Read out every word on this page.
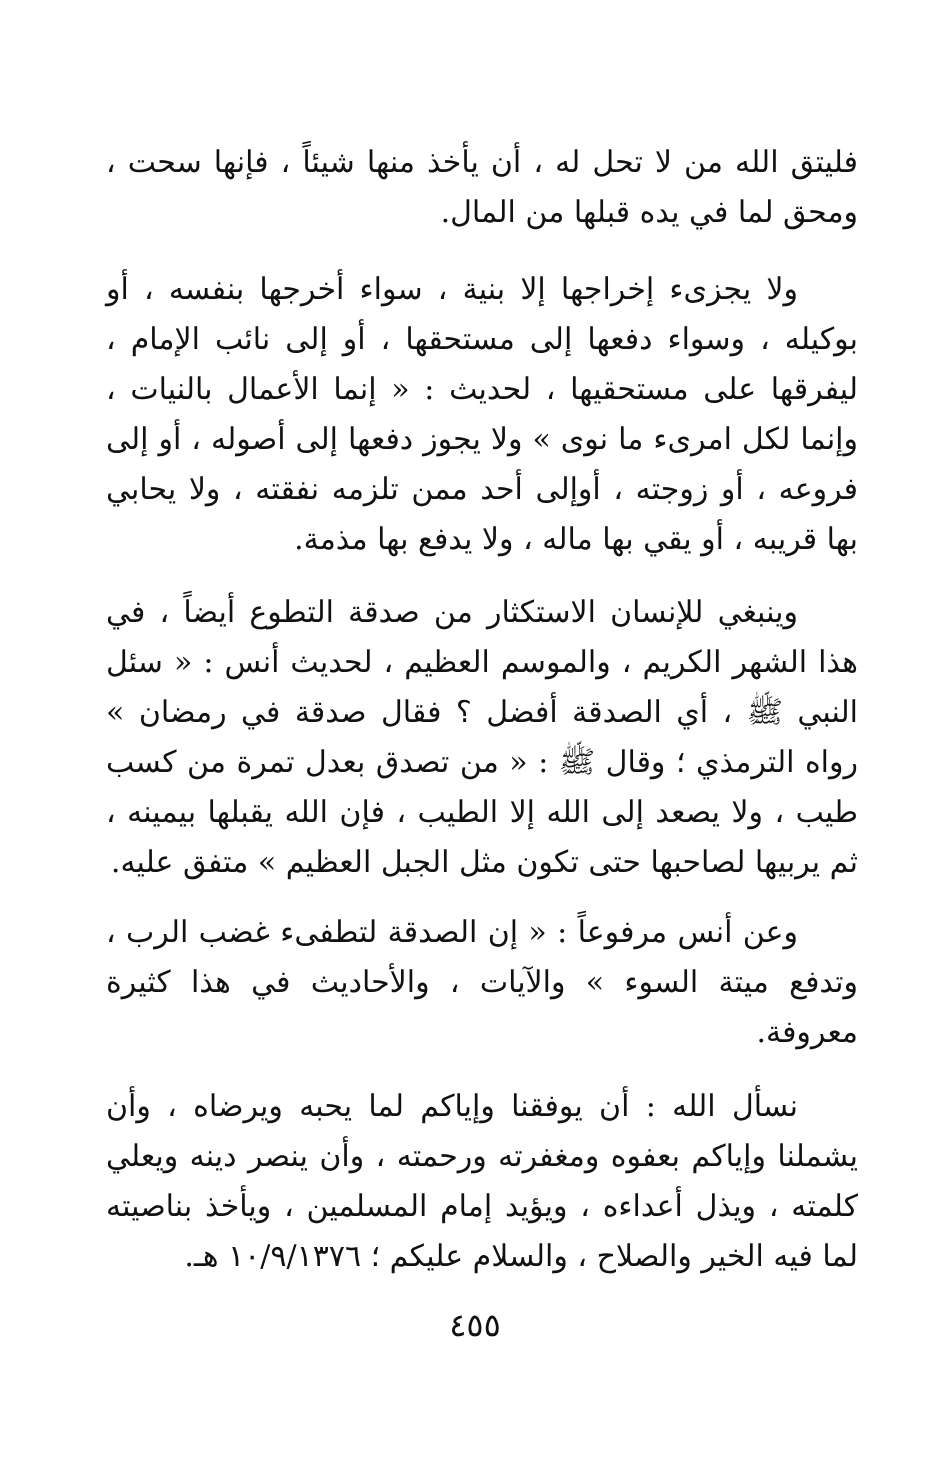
فليتق الله من لا تحل له ، أن يأخذ منها شيئاً ، فإنها سحت ، ومحق لما في يده قبلها من المال.

ولا يجزىء إخراجها إلا بنية ، سواء أخرجها بنفسه ، أو بوكيله ، وسواء دفعها إلى مستحقها ، أو إلى نائب الإمام ، ليفرقها على مستحقيها ، لحديث : « إنما الأعمال بالنيات ، وإنما لكل امرىء ما نوى » ولا يجوز دفعها إلى أصوله ، أو إلى فروعه ، أو زوجته ، أوإلى أحد ممن تلزمه نفقته ، ولا يحابي بها قريبه ، أو يقي بها ماله ، ولا يدفع بها مذمة.

وينبغي للإنسان الاستكثار من صدقة التطوع أيضاً ، في هذا الشهر الكريم ، والموسم العظيم ، لحديث أنس : « سئل النبي ﷺ ، أي الصدقة أفضل ؟ فقال صدقة في رمضان » رواه الترمذي ؛ وقال ﷺ : « من تصدق بعدل تمرة من كسب طيب ، ولا يصعد إلى الله إلا الطيب ، فإن الله يقبلها بيمينه ، ثم يربيها لصاحبها حتى تكون مثل الجبل العظيم » متفق عليه.

وعن أنس مرفوعاً : « إن الصدقة لتطفىء غضب الرب ، وتدفع ميتة السوء » والآيات ، والأحاديث في هذا كثيرة معروفة.

نسأل الله : أن يوفقنا وإياكم لما يحبه ويرضاه ، وأن يشملنا وإياكم بعفوه ومغفرته ورحمته ، وأن ينصر دينه ويعلي كلمته ، ويذل أعداءه ، ويؤيد إمام المسلمين ، ويأخذ بناصيته لما فيه الخير والصلاح ، والسلام عليكم ؛ ١٠/٩/١٣٧٦ هـ.

٤٥٥
